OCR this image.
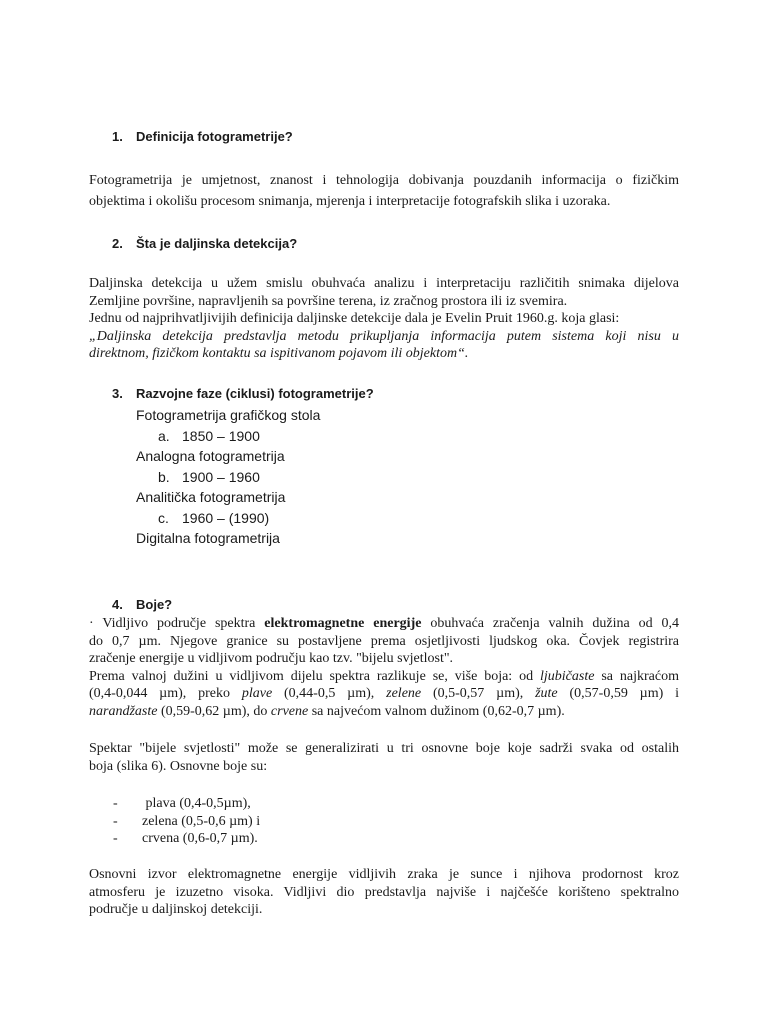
1. Definicija fotogrametrije?
Fotogrametrija je umjetnost, znanost i tehnologija dobivanja pouzdanih informacija o fizičkim
objektima i okolišu procesom snimanja, mjerenja i interpretacije fotografskih slika i uzoraka.
2. Šta je daljinska detekcija?
Daljinska detekcija u užem smislu obuhvaća analizu i interpretaciju različitih snimaka dijelova
Zemljine površine, napravljenih sa površine terena, iz zračnog prostora ili iz svemira.
Jednu od najprihvatljivijih definicija daljinske detekcije dala je Evelin Pruit 1960.g. koja glasi:
„Daljinska detekcija predstavlja metodu prikupljanja informacija putem sistema koji nisu u
direktnom, fizičkom kontaktu sa ispitivanom pojavom ili objektom“.
3. Razvojne faze (ciklusi) fotogrametrije?
Fotogrametrija grafičkog stola
a. 1850 – 1900
Analogna fotogrametrija
b. 1900 – 1960
Analitička fotogrametrija
c. 1960 – (1990)
Digitalna fotogrametrija
4. Boje?
· Vidljivo područje spektra elektromagnetne energije obuhvaća zračenja valnih dužina od 0,4
do 0,7 µm. Njegove granice su postavljene prema osjetljivosti ljudskog oka. Čovjek registrira
zračenje energije u vidljivom području kao tzv. "bijelu svjetlost".
Prema valnoj dužini u vidljivom dijelu spektra razlikuje se, više boja: od ljubičaste sa najkraćom
(0,4-0,044 µm), preko plave (0,44-0,5 µm), zelene (0,5-0,57 µm), žute (0,57-0,59 µm) i
narandžaste (0,59-0,62 µm), do crvene sa najvećom valnom dužinom (0,62-0,7 µm).
Spektar "bijele svjetlosti" može se generalizirati u tri osnovne boje koje sadrži svaka od ostalih
boja (slika 6). Osnovne boje su:
- plava (0,4-0,5µm),
- zelena (0,5-0,6 µm) i
- crvena (0,6-0,7 µm).
Osnovni izvor elektromagnetne energije vidljivih zraka je sunce i njihova prodornost kroz
atmosferu je izuzetno visoka. Vidljivi dio predstavlja najviše i najčešće korišteno spektralno
područje u daljinskoj detekciji.
